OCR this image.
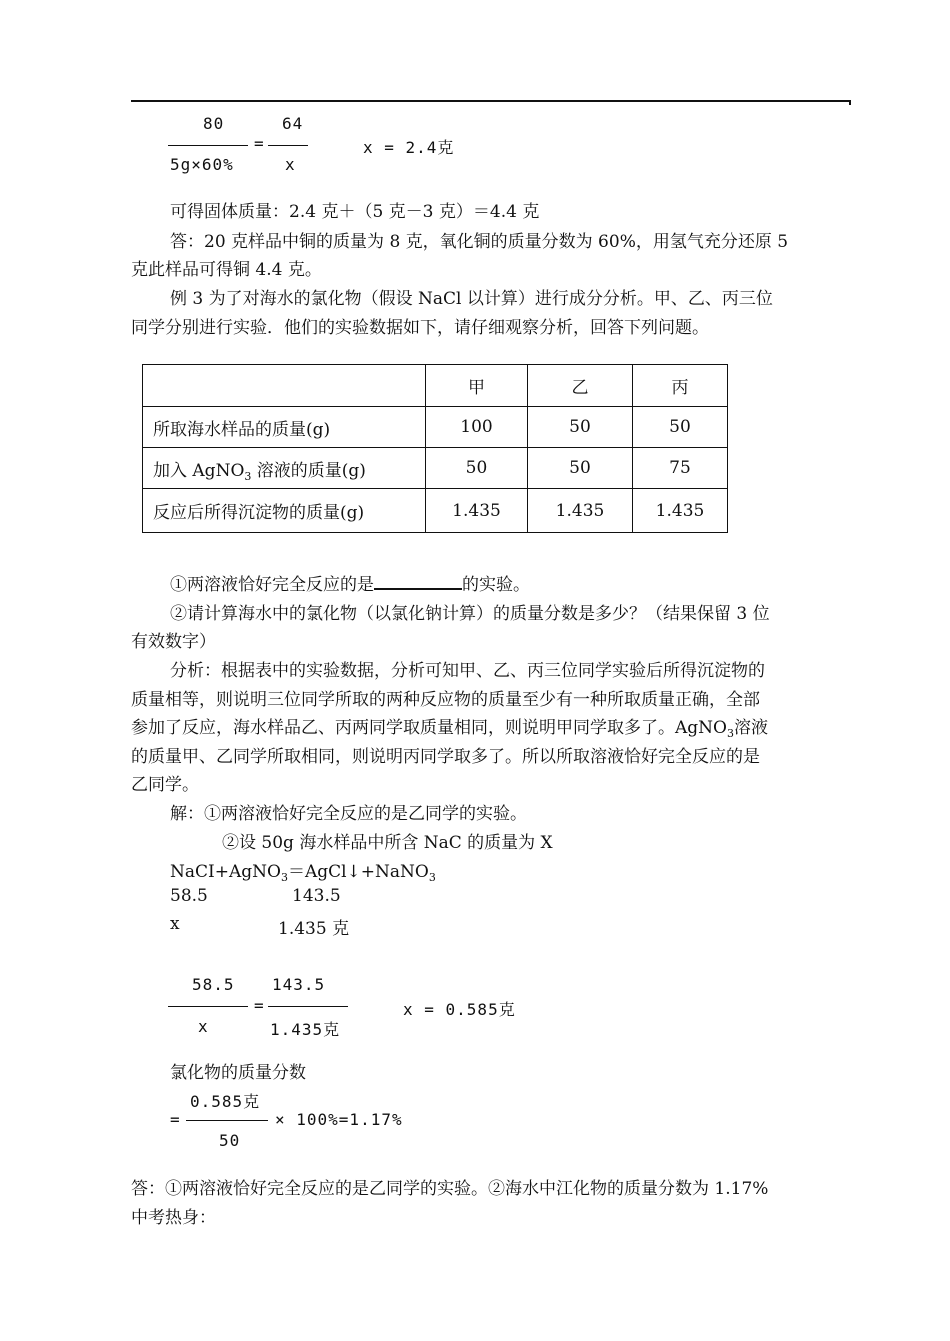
80
5g×60%
=
64
x
x = 2.4克
可得固体质量：2.4 克＋（5 克－3 克）＝4.4 克
答：20 克样品中铜的质量为 8 克，氧化铜的质量分数为 60%，用氢气充分还原 5
克此样品可得铜 4.4 克。
例 3 为了对海水的氯化物（假设 NaCl 以计算）进行成分分析。甲、乙、丙三位
同学分别进行实验．他们的实验数据如下，请仔细观察分析，回答下列问题。
	甲	乙	丙
所取海水样品的质量(g)	100	50	50
加入 AgNO$_3$ 溶液的质量(g)	50	50	75
反应后所得沉淀物的质量(g)	1.435	1.435	1.435
①两溶液恰好完全反应的是	的实验。
②请计算海水中的氯化物（以氯化钠计算）的质量分数是多少？（结果保留 3 位
有效数字）
分析：根据表中的实验数据，分析可知甲、乙、丙三位同学实验后所得沉淀物的
质量相等，则说明三位同学所取的两种反应物的质量至少有一种所取质量正确，全部
参加了反应，海水样品乙、丙两同学取质量相同，则说明甲同学取多了。AgNO$_3$溶液
的质量甲、乙同学所取相同，则说明丙同学取多了。所以所取溶液恰好完全反应的是
乙同学。
解：①两溶液恰好完全反应的是乙同学的实验。
②设 50g 海水样品中所含 NaC 的质量为 X
NaCI+AgNO$_3$＝AgCl↓+NaNO$_3$
58.5	143.5
x	1.435 克
58.5
x
=
143.5
1.435克
x = 0.585克
氯化物的质量分数
=
0.585克
50
× 100%=1.17%
答：①两溶液恰好完全反应的是乙同学的实验。②海水中江化物的质量分数为 1.17%
中考热身：
